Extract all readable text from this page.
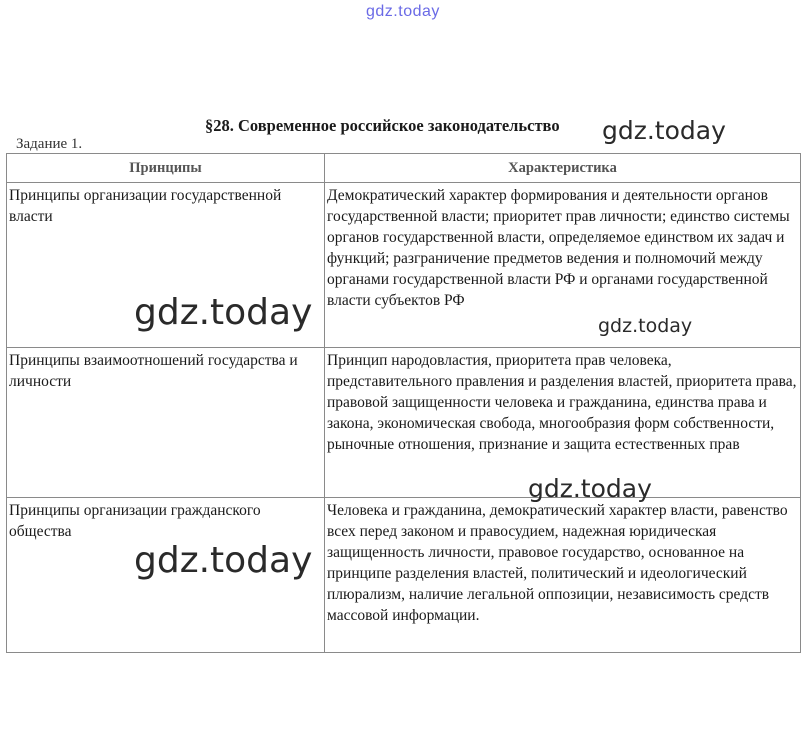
gdz.today
§28. Современное российское законодательство
Задание 1.
Принципы	Характеристика
Принципы организации государственной власти	Демократический характер формирования и деятельности органов государственной власти; приоритет прав личности; единство системы органов государственной власти, определяемое единством их задач и функций; разграничение предметов ведения и полномочий между органами государственной власти РФ и органами государственной власти субъектов РФ
Принципы взаимоотношений государства и личности	Принцип народовластия, приоритета прав человека, представительного правления и разделения властей, приоритета права, правовой защищенности человека и гражданина, единства права и закона, экономическая свобода, многообразия форм собственности, рыночные отношения, признание и защита естественных прав
Принципы организации гражданского общества	Человека и гражданина, демократический характер власти, равенство всех перед законом и правосудием, надежная юридическая защищенность личности, правовое государство, основанное на принципе разделения властей, политический и идеологический плюрализм, наличие легальной оппозиции, независимость средств массовой информации.
gdz.today
gdz.today	gdz.today
gdz.today
gdz.today
